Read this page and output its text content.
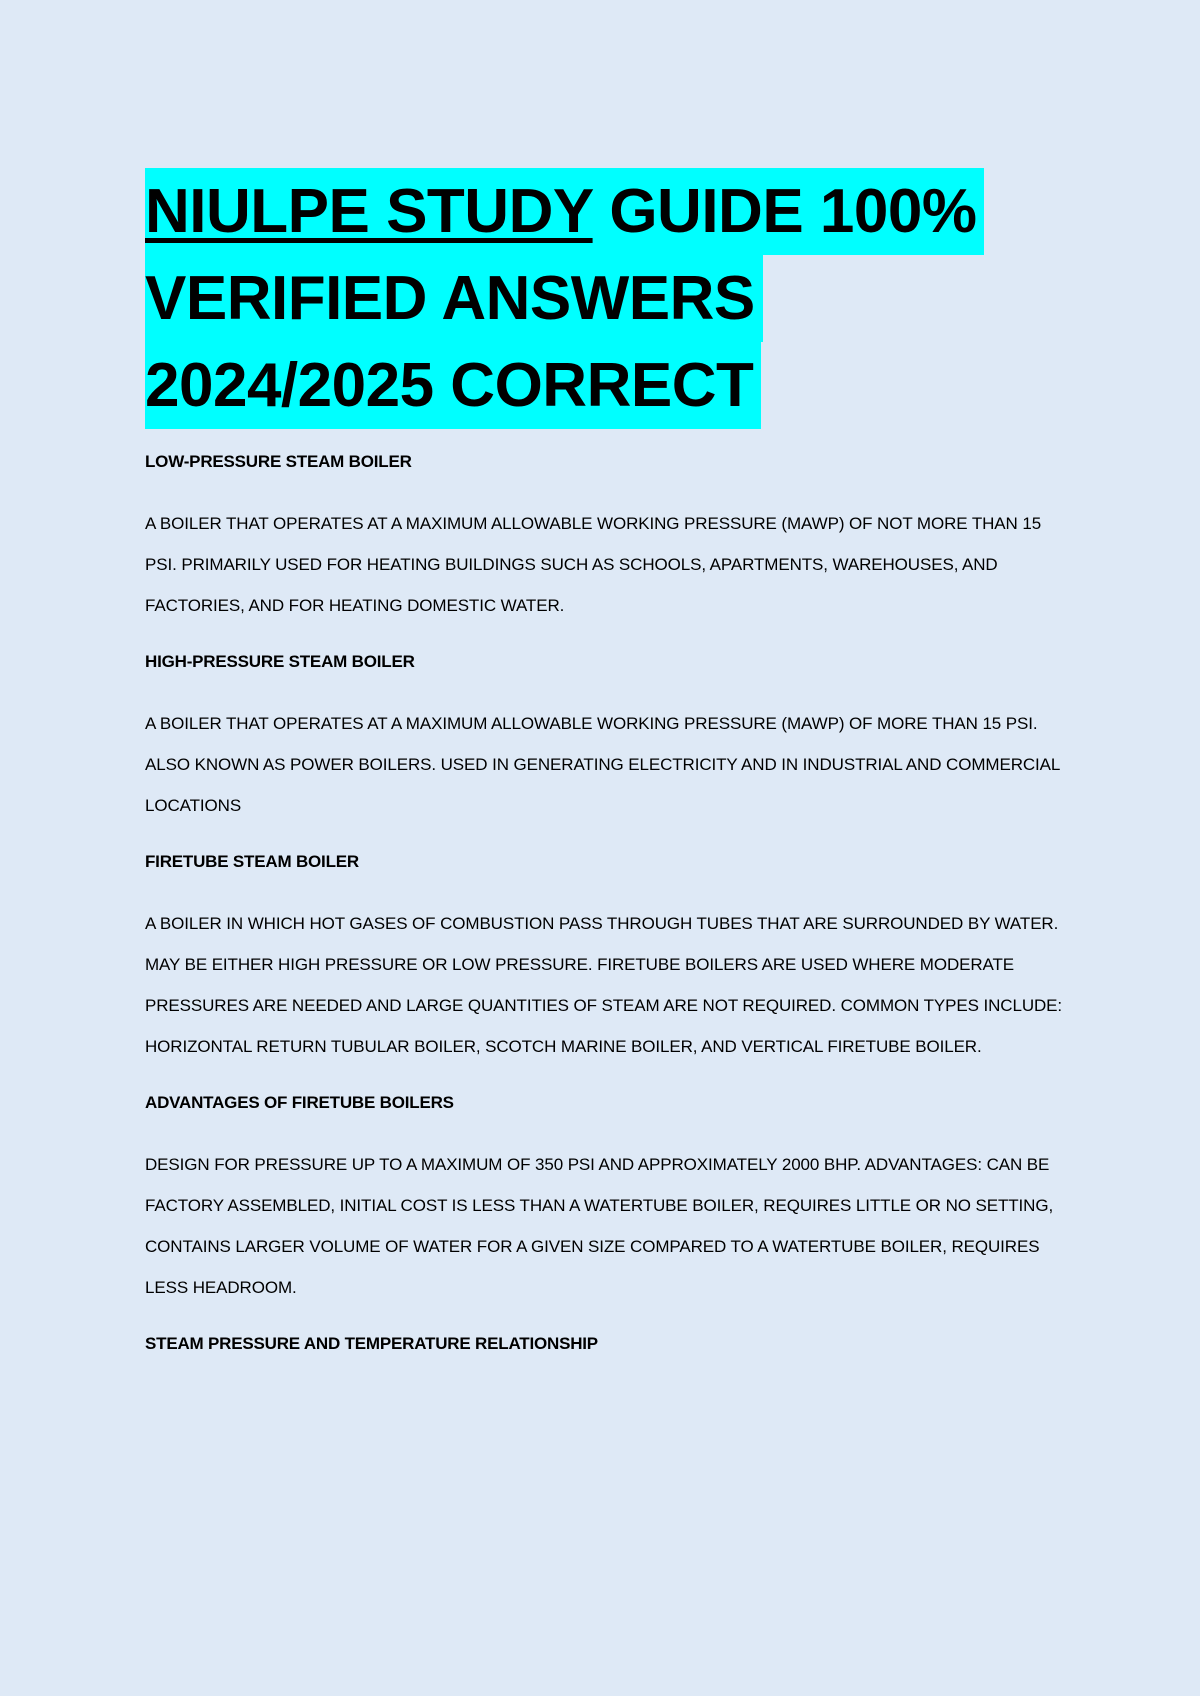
NIULPE STUDY GUIDE 100%
VERIFIED ANSWERS
2024/2025 CORRECT

LOW-PRESSURE STEAM BOILER

A BOILER THAT OPERATES AT A MAXIMUM ALLOWABLE WORKING PRESSURE (MAWP) OF NOT MORE THAN 15 PSI. PRIMARILY USED FOR HEATING BUILDINGS SUCH AS SCHOOLS, APARTMENTS, WAREHOUSES, AND FACTORIES, AND FOR HEATING DOMESTIC WATER.

HIGH-PRESSURE STEAM BOILER

A BOILER THAT OPERATES AT A MAXIMUM ALLOWABLE WORKING PRESSURE (MAWP) OF MORE THAN 15 PSI. ALSO KNOWN AS POWER BOILERS. USED IN GENERATING ELECTRICITY AND IN INDUSTRIAL AND COMMERCIAL LOCATIONS

FIRETUBE STEAM BOILER

A BOILER IN WHICH HOT GASES OF COMBUSTION PASS THROUGH TUBES THAT ARE SURROUNDED BY WATER. MAY BE EITHER HIGH PRESSURE OR LOW PRESSURE. FIRETUBE BOILERS ARE USED WHERE MODERATE PRESSURES ARE NEEDED AND LARGE QUANTITIES OF STEAM ARE NOT REQUIRED. COMMON TYPES INCLUDE: HORIZONTAL RETURN TUBULAR BOILER, SCOTCH MARINE BOILER, AND VERTICAL FIRETUBE BOILER.

ADVANTAGES OF FIRETUBE BOILERS

DESIGN FOR PRESSURE UP TO A MAXIMUM OF 350 PSI AND APPROXIMATELY 2000 BHP. ADVANTAGES: CAN BE FACTORY ASSEMBLED, INITIAL COST IS LESS THAN A WATERTUBE BOILER, REQUIRES LITTLE OR NO SETTING, CONTAINS LARGER VOLUME OF WATER FOR A GIVEN SIZE COMPARED TO A WATERTUBE BOILER, REQUIRES LESS HEADROOM.

STEAM PRESSURE AND TEMPERATURE RELATIONSHIP
